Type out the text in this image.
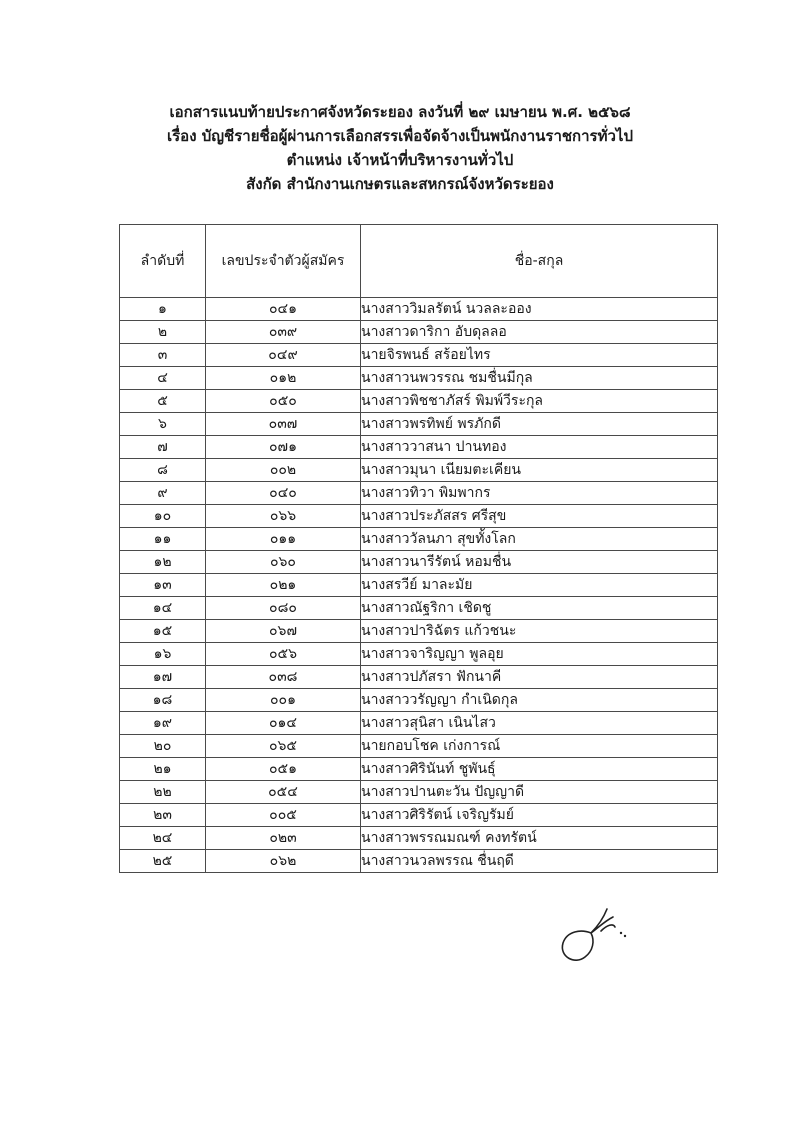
เอกสารแนบท้ายประกาศจังหวัดระยอง ลงวันที่ ๒๙ เมษายน พ.ศ. ๒๕๖๘
เรื่อง บัญชีรายชื่อผู้ผ่านการเลือกสรรเพื่อจัดจ้างเป็นพนักงานราชการทั่วไป
ตำแหน่ง เจ้าหน้าที่บริหารงานทั่วไป
สังกัด สำนักงานเกษตรและสหกรณ์จังหวัดระยอง
ลำดับที่	เลขประจำตัวผู้สมัคร	ชื่อ-สกุล
๑	๐๔๑	นางสาววิมลรัตน์ นวลละออง
๒	๐๓๙	นางสาวดาริกา อับดุลลอ
๓	๐๔๙	นายจิรพนธ์ สร้อยไทร
๔	๐๑๒	นางสาวนพวรรณ ชมชื่นมีกุล
๕	๐๕๐	นางสาวพิชชาภัสร์ พิมพ์วีระกุล
๖	๐๓๗	นางสาวพรทิพย์ พรภักดี
๗	๐๗๑	นางสาววาสนา ปานทอง
๘	๐๐๒	นางสาวมุนา เนียมตะเคียน
๙	๐๔๐	นางสาวทิวา พิมพากร
๑๐	๐๖๖	นางสาวประภัสสร ศรีสุข
๑๑	๐๑๑	นางสาววัลนภา สุขทั้งโลก
๑๒	๐๖๐	นางสาวนารีรัตน์ หอมชื่น
๑๓	๐๒๑	นางสรวีย์ มาละมัย
๑๔	๐๘๐	นางสาวณัฐริกา เชิดชู
๑๕	๐๖๗	นางสาวปาริฉัตร แก้วชนะ
๑๖	๐๕๖	นางสาวจาริญญา พูลอุย
๑๗	๐๓๘	นางสาวปภัสรา ฟักนาคี
๑๘	๐๐๑	นางสาววรัญญา กำเนิดกุล
๑๙	๐๑๔	นางสาวสุนิสา เนินไสว
๒๐	๐๖๕	นายกอบโชค เก่งการณ์
๒๑	๐๕๑	นางสาวศิรินันท์ ชูพันธุ์
๒๒	๐๕๔	นางสาวปานตะวัน ปัญญาดี
๒๓	๐๐๕	นางสาวศิริรัตน์ เจริญรัมย์
๒๔	๐๒๓	นางสาวพรรณมณฑ์ คงทรัตน์
๒๕	๐๖๒	นางสาวนวลพรรณ ชื่นฤดี
